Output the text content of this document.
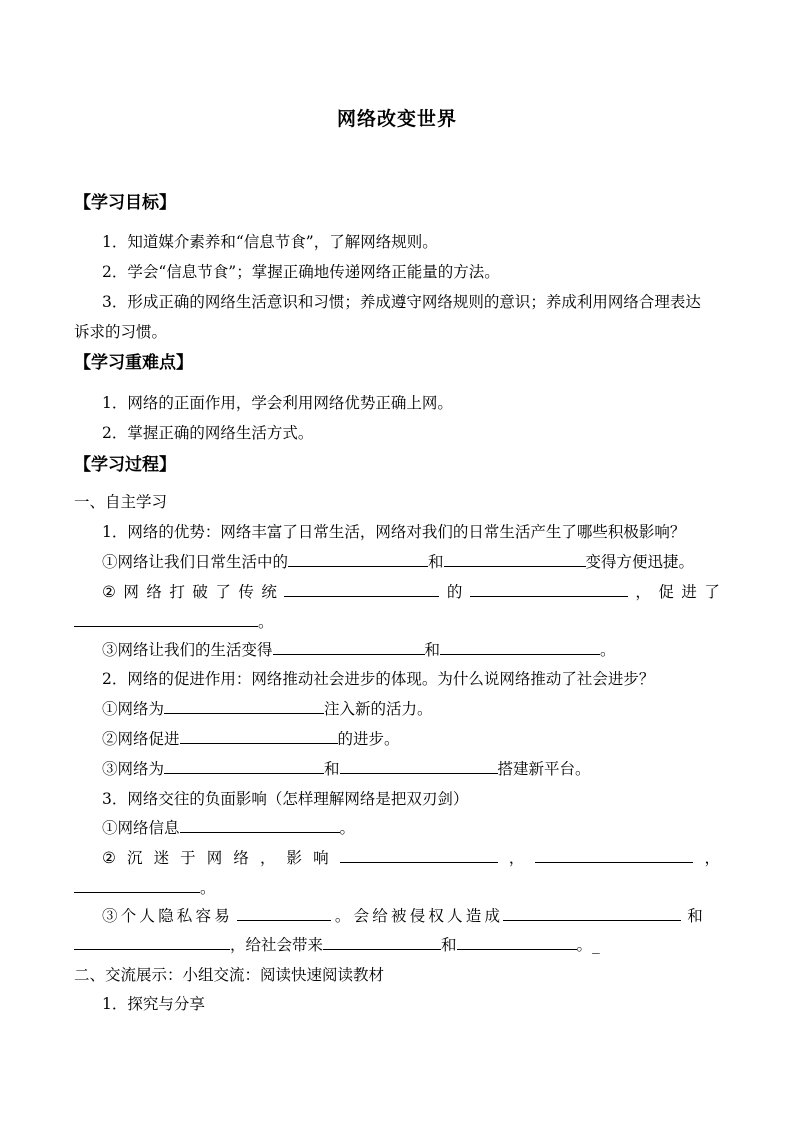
网络改变世界
【学习目标】
1．知道媒介素养和“信息节食”，了解网络规则。
2．学会“信息节食”；掌握正确地传递网络正能量的方法。
3．形成正确的网络生活意识和习惯；养成遵守网络规则的意识；养成利用网络合理表达
诉求的习惯。
【学习重难点】
1．网络的正面作用，学会利用网络优势正确上网。
2．掌握正确的网络生活方式。
【学习过程】
一、自主学习
1．网络的优势：网络丰富了日常生活，网络对我们的日常生活产生了哪些积极影响？
①网络让我们日常生活中的	和	变得方便迅捷。
② 网 络 打 破 了 传 统	的	， 促 进 了
。
③网络让我们的生活变得	和	。
2．网络的促进作用：网络推动社会进步的体现。为什么说网络推动了社会进步？
①网络为	注入新的活力。
②网络促进	的进步。
③网络为	和	搭建新平台。
3．网络交往的负面影响（怎样理解网络是把双刃剑）
①网络信息	。
② 沉 迷 于 网 络 ， 影 响	，	，
。
③个人隐私容易	。会给被侵权人造成	和
，给社会带来	和	。_
二、交流展示：小组交流：阅读快速阅读教材
1．探究与分享
